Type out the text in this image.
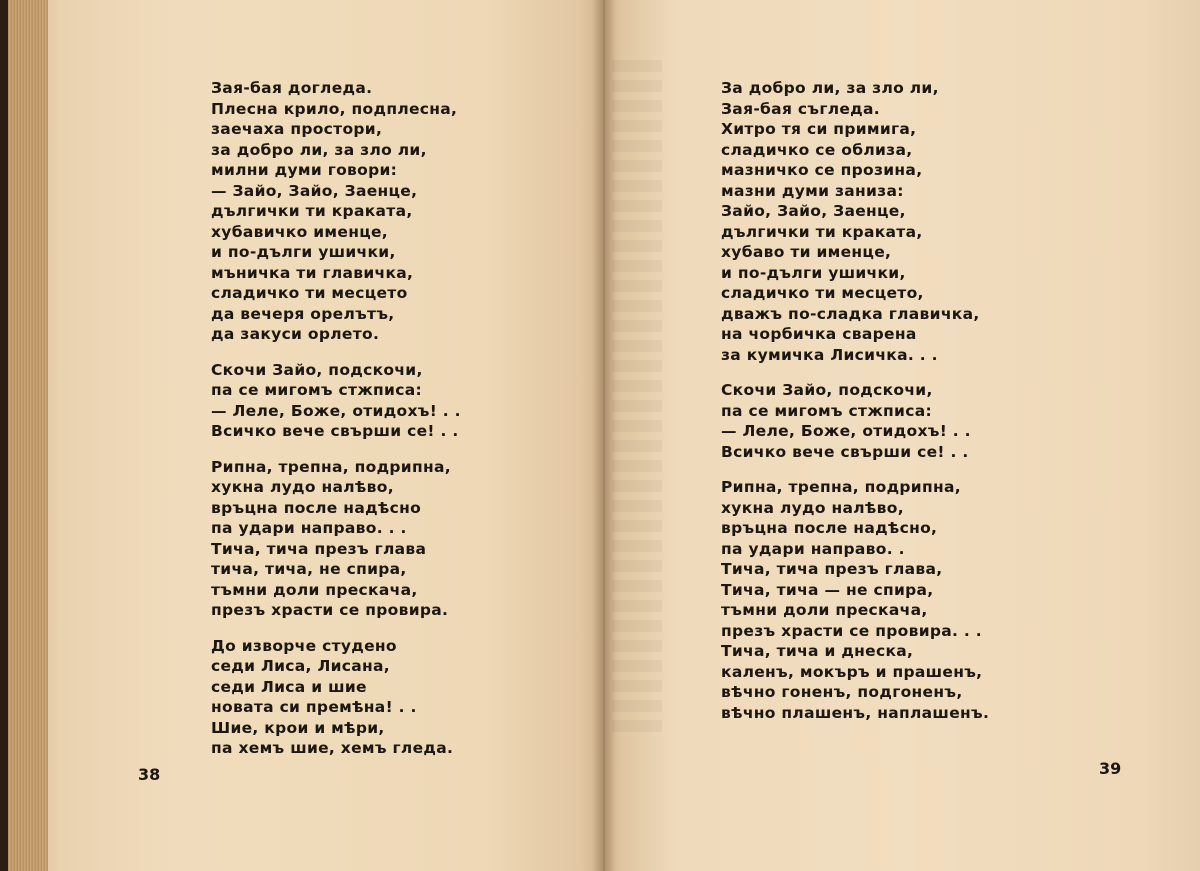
Зая-бая догледа.
Плесна крило, подплесна,
заечаха простори,
за добро ли, за зло ли,
милни думи говори:
— Зайо, Зайо, Заенце,
дългички ти краката,
хубавичко именце,
и по-дълги ушички,
мъничка ти главичка,
сладичко ти месцето
да вечеря орелътъ,
да закуси орлето.
Скочи Зайо, подскочи,
па се мигомъ стжписа:
— Леле, Боже, отидохъ! . .
Всичко вече свърши се! . .
Рипна, трепна, подрипна,
хукна лудо налѣво,
връцна после надѣсно
па удари направо. . .
Тича, тича презъ глава
тича, тича, не спира,
тъмни доли прескача,
презъ храсти се провира.
До изворче студено
седи Лиса, Лисана,
седи Лиса и шие
новата си премѣна! . .
Шие, крои и мѣри,
па хемъ шие, хемъ гледа.
38
За добро ли, за зло ли,
Зая-бая съгледа.
Хитро тя си примига,
сладичко се облиза,
мазничко се прозина,
мазни думи заниза:
Зайо, Зайо, Заенце,
дългички ти краката,
хубаво ти именце,
и по-дълги ушички,
сладичко ти месцето,
дважъ по-сладка главичка,
на чорбичка сварена
за кумичка Лисичка. . .
Скочи Зайо, подскочи,
па се мигомъ стжписа:
— Леле, Боже, отидохъ! . .
Всичко вече свърши се! . .
Рипна, трепна, подрипна,
хукна лудо налѣво,
връцна после надѣсно,
па удари направо. .
Тича, тича презъ глава,
Тича, тича — не спира,
тъмни доли прескача,
презъ храсти се провира. . .
Тича, тича и днеска,
каленъ, мокъръ и прашенъ,
вѣчно гоненъ, подгоненъ,
вѣчно плашенъ, наплашенъ.
39
